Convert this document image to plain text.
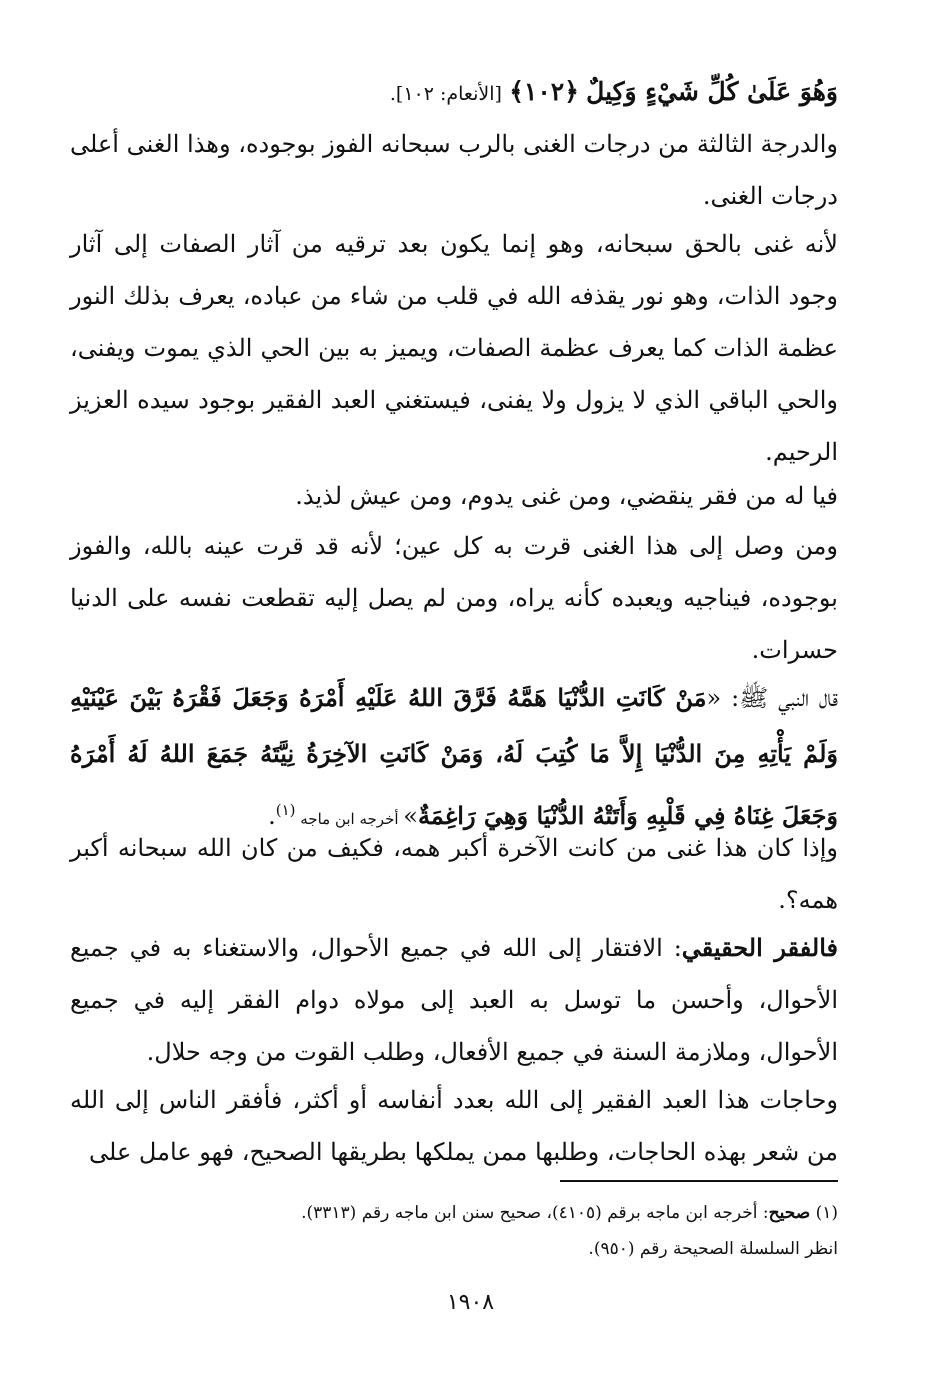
وَهُوَ عَلَىٰ كُلِّ شَيْءٍ وَكِيلٌ ﴿١٠٢﴾ [الأنعام: ١٠٢].
والدرجة الثالثة من درجات الغنى بالرب سبحانه الفوز بوجوده، وهذا الغنى أعلى درجات الغنى.
لأنه غنى بالحق سبحانه، وهو إنما يكون بعد ترقيه من آثار الصفات إلى آثار وجود الذات، وهو نور يقذفه الله في قلب من شاء من عباده، يعرف بذلك النور عظمة الذات كما يعرف عظمة الصفات، ويميز به بين الحي الذي يموت ويفنى، والحي الباقي الذي لا يزول ولا يفنى، فيستغني العبد الفقير بوجود سيده العزيز الرحيم.
فيا له من فقر ينقضي، ومن غنى يدوم، ومن عيش لذيذ.
ومن وصل إلى هذا الغنى قرت به كل عين؛ لأنه قد قرت عينه بالله، والفوز بوجوده، فيناجيه ويعبده كأنه يراه، ومن لم يصل إليه تقطعت نفسه على الدنيا حسرات.
قال النبي ﷺ: «مَنْ كَانَتِ الدُّنْيَا هَمَّهُ فَرَّقَ اللهُ عَلَيْهِ أَمْرَهُ وَجَعَلَ فَقْرَهُ بَيْنَ عَيْنَيْهِ وَلَمْ يَأْتِهِ مِنَ الدُّنْيَا إِلاَّ مَا كُتِبَ لَهُ، وَمَنْ كَانَتِ الآخِرَةُ نِيَّتَهُ جَمَعَ اللهُ لَهُ أَمْرَهُ وَجَعَلَ غِنَاهُ فِي قَلْبِهِ وَأَتَتْهُ الدُّنْيَا وَهِيَ رَاغِمَةٌ» أخرجه ابن ماجه $^{(١)}$.
وإذا كان هذا غنى من كانت الآخرة أكبر همه، فكيف من كان الله سبحانه أكبر همه؟.
فالفقر الحقيقي: الافتقار إلى الله في جميع الأحوال، والاستغناء به في جميع الأحوال، وأحسن ما توسل به العبد إلى مولاه دوام الفقر إليه في جميع الأحوال، وملازمة السنة في جميع الأفعال، وطلب القوت من وجه حلال.
وحاجات هذا العبد الفقير إلى الله بعدد أنفاسه أو أكثر، فأفقر الناس إلى الله من شعر بهذه الحاجات، وطلبها ممن يملكها بطريقها الصحيح، فهو عامل على
(١) صحيح: أخرجه ابن ماجه برقم (٤١٠٥)، صحيح سنن ابن ماجه رقم (٣٣١٣).
انظر السلسلة الصحيحة رقم (٩٥٠).
١٩٠٨
